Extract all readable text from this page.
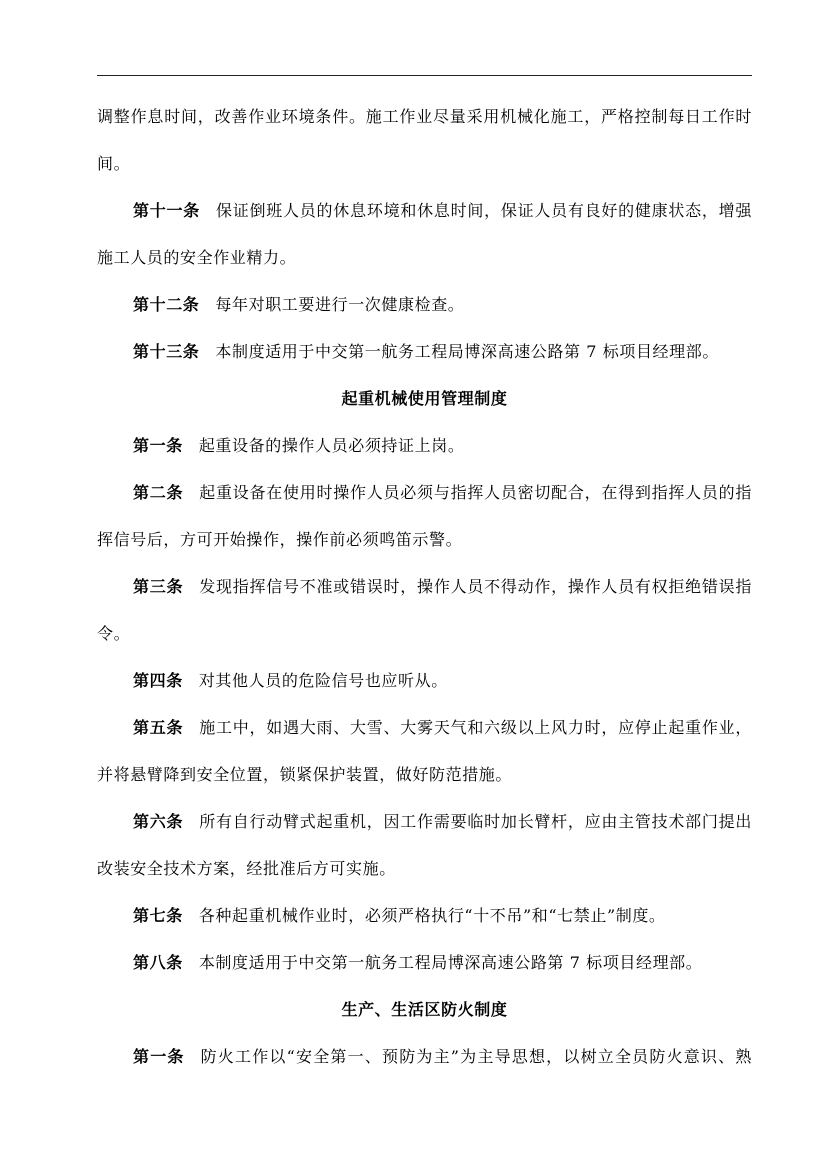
调整作息时间，改善作业环境条件。施工作业尽量采用机械化施工，严格控制每日工作时
间。
第十一条 保证倒班人员的休息环境和休息时间，保证人员有良好的健康状态，增强
施工人员的安全作业精力。
第十二条 每年对职工要进行一次健康检查。
第十三条 本制度适用于中交第一航务工程局博深高速公路第 7 标项目经理部。
起重机械使用管理制度
第一条 起重设备的操作人员必须持证上岗。
第二条 起重设备在使用时操作人员必须与指挥人员密切配合，在得到指挥人员的指
挥信号后，方可开始操作，操作前必须鸣笛示警。
第三条 发现指挥信号不准或错误时，操作人员不得动作，操作人员有权拒绝错误指
令。
第四条 对其他人员的危险信号也应听从。
第五条 施工中，如遇大雨、大雪、大雾天气和六级以上风力时，应停止起重作业，
并将悬臂降到安全位置，锁紧保护装置，做好防范措施。
第六条 所有自行动臂式起重机，因工作需要临时加长臂杆，应由主管技术部门提出
改装安全技术方案，经批准后方可实施。
第七条 各种起重机械作业时，必须严格执行“十不吊”和“七禁止”制度。
第八条 本制度适用于中交第一航务工程局博深高速公路第 7 标项目经理部。
生产、生活区防火制度
第一条 防火工作以“安全第一、预防为主”为主导思想，以树立全员防火意识、熟
